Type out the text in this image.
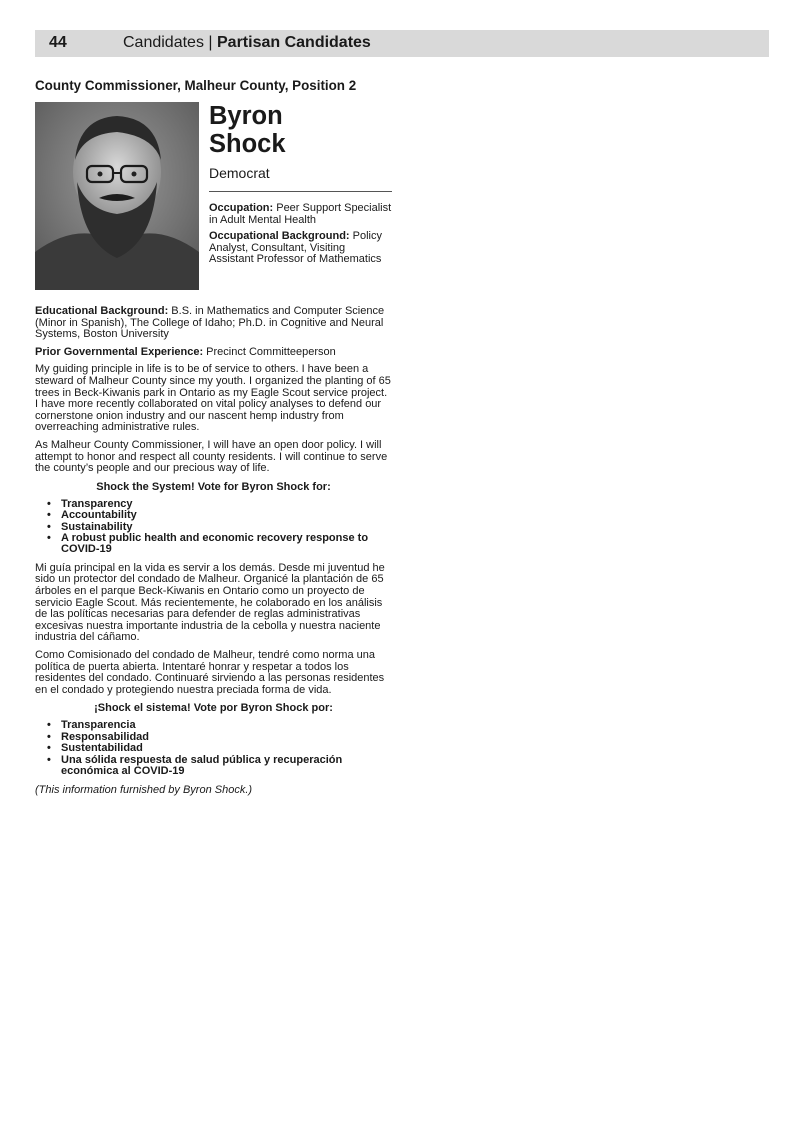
44	Candidates | Partisan Candidates
County Commissioner, Malheur County, Position 2
Byron
Shock
Democrat
Occupation: Peer Support Specialist in Adult Mental Health
Occupational Background: Policy Analyst, Consultant, Visiting Assistant Professor of Mathematics
Educational Background: B.S. in Mathematics and Computer Science (Minor in Spanish), The College of Idaho; Ph.D. in Cognitive and Neural Systems, Boston University
Prior Governmental Experience: Precinct Committeeperson
My guiding principle in life is to be of service to others. I have been a steward of Malheur County since my youth. I organized the planting of 65 trees in Beck-Kiwanis park in Ontario as my Eagle Scout service project. I have more recently collaborated on vital policy analyses to defend our cornerstone onion industry and our nascent hemp industry from overreaching administrative rules.
As Malheur County Commissioner, I will have an open door policy. I will attempt to honor and respect all county residents. I will continue to serve the county’s people and our precious way of life.
Shock the System! Vote for Byron Shock for:
• Transparency
• Accountability
• Sustainability
• A robust public health and economic recovery response to COVID-19
Mi guía principal en la vida es servir a los demás. Desde mi juventud he sido un protector del condado de Malheur. Organicé la plantación de 65 árboles en el parque Beck-Kiwanis en Ontario como un proyecto de servicio Eagle Scout. Más recientemente, he colaborado en los análisis de las políticas necesarias para defender de reglas administrativas excesivas nuestra importante industria de la cebolla y nuestra naciente industria del cáñamo.
Como Comisionado del condado de Malheur, tendré como norma una política de puerta abierta. Intentaré honrar y respetar a todos los residentes del condado. Continuaré sirviendo a las personas residentes en el condado y protegiendo nuestra preciada forma de vida.
¡Shock el sistema! Vote por Byron Shock por:
• Transparencia
• Responsabilidad
• Sustentabilidad
• Una sólida respuesta de salud pública y recuperación económica al COVID-19
(This information furnished by Byron Shock.)
